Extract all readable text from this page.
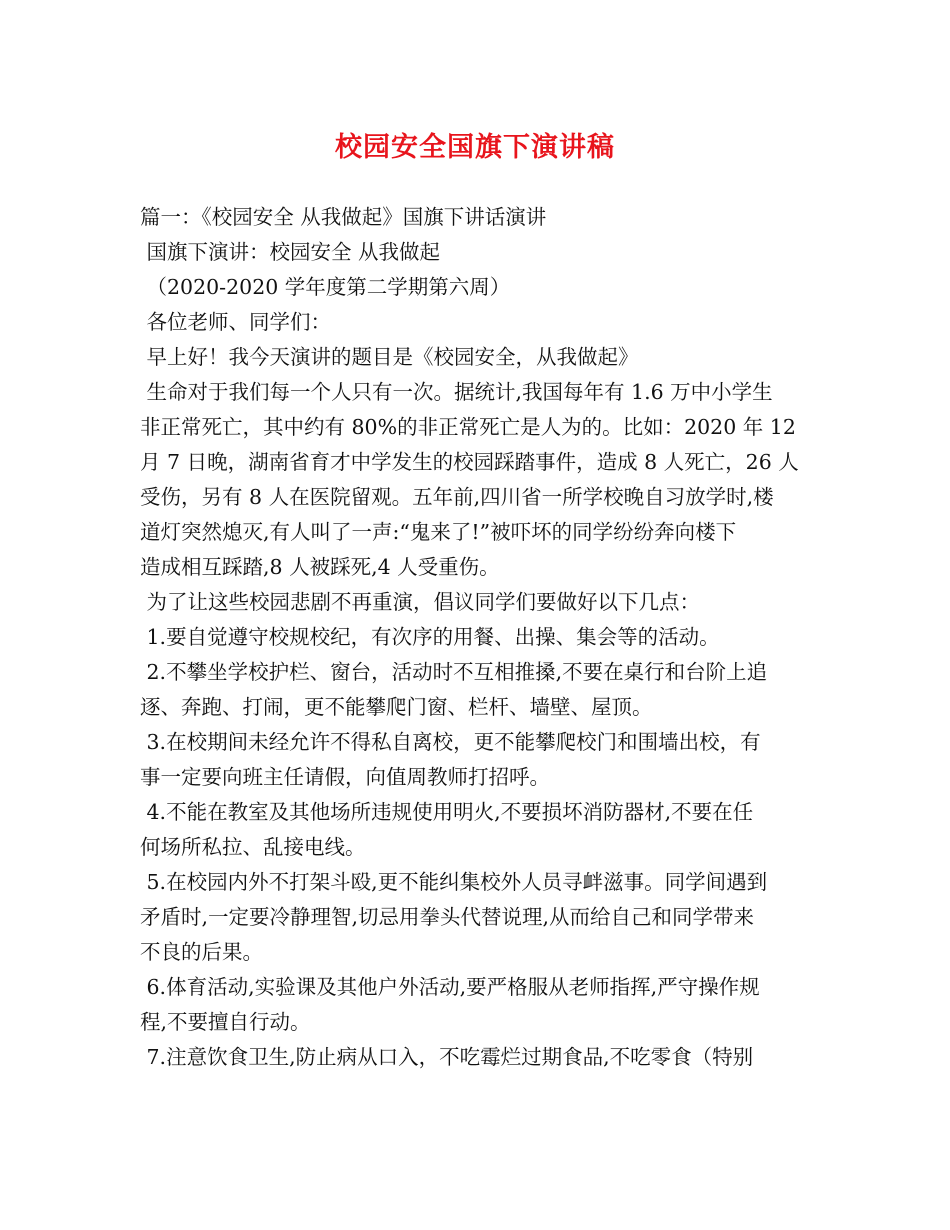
校园安全国旗下演讲稿
篇一：《校园安全 从我做起》国旗下讲话演讲
国旗下演讲：校园安全 从我做起
（2020-2020 学年度第二学期第六周）
各位老师、同学们：
早上好！我今天演讲的题目是《校园安全，从我做起》
生命对于我们每一个人只有一次。据统计,我国每年有 1.6 万中小学生
非正常死亡，其中约有 80%的非正常死亡是人为的。比如：2020 年 12
月 7 日晚，湖南省育才中学发生的校园踩踏事件，造成 8 人死亡，26 人
受伤，另有 8 人在医院留观。五年前,四川省一所学校晚自习放学时,楼
道灯突然熄灭,有人叫了一声:“鬼来了!”被吓坏的同学纷纷奔向楼下
造成相互踩踏,8 人被踩死,4 人受重伤。
为了让这些校园悲剧不再重演，倡议同学们要做好以下几点：
1.要自觉遵守校规校纪，有次序的用餐、出操、集会等的活动。
2.不攀坐学校护栏、窗台，活动时不互相推搡,不要在桌行和台阶上追
逐、奔跑、打闹，更不能攀爬门窗、栏杆、墙壁、屋顶。
3.在校期间未经允许不得私自离校，更不能攀爬校门和围墙出校，有
事一定要向班主任请假，向值周教师打招呼。
4.不能在教室及其他场所违规使用明火,不要损坏消防器材,不要在任
何场所私拉、乱接电线。
5.在校园内外不打架斗殴,更不能纠集校外人员寻衅滋事。同学间遇到
矛盾时,一定要冷静理智,切忌用拳头代替说理,从而给自己和同学带来
不良的后果。
6.体育活动,实验课及其他户外活动,要严格服从老师指挥,严守操作规
程,不要擅自行动。
7.注意饮食卫生,防止病从口入，不吃霉烂过期食品,不吃零食（特别
